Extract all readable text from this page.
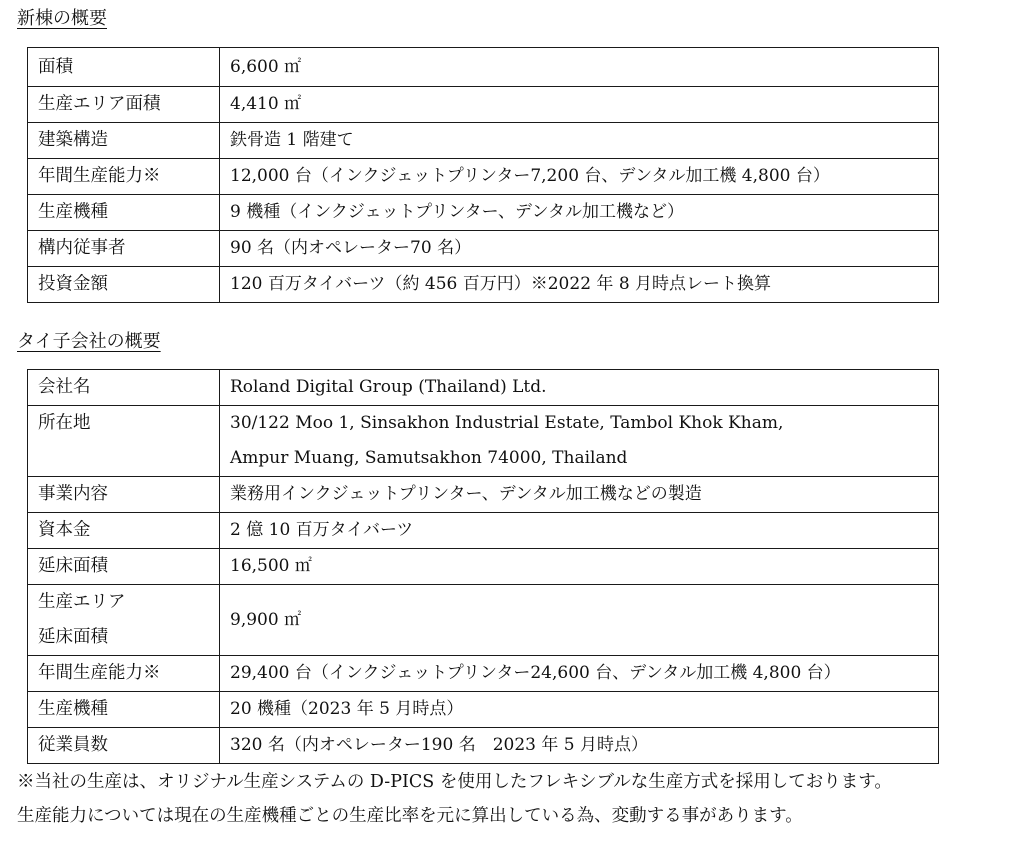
新棟の概要
面積	6,600 ㎡
生産エリア面積	4,410 ㎡
建築構造	鉄骨造 1 階建て
年間生産能力※	12,000 台（インクジェットプリンター7,200 台、デンタル加工機 4,800 台）
生産機種	9 機種（インクジェットプリンター、デンタル加工機など）
構内従事者	90 名（内オペレーター70 名）
投資金額	120 百万タイバーツ（約 456 百万円）※2022 年 8 月時点レート換算
タイ子会社の概要
会社名	Roland Digital Group (Thailand) Ltd.
所在地	30/122 Moo 1, Sinsakhon Industrial Estate, Tambol Khok Kham,
Ampur Muang, Samutsakhon 74000, Thailand

事業内容	業務用インクジェットプリンター、デンタル加工機などの製造
資本金	2 億 10 百万タイバーツ
延床面積	16,500 ㎡

生産エリア
延床面積	9,900 ㎡
年間生産能力※	29,400 台（インクジェットプリンター24,600 台、デンタル加工機 4,800 台）
生産機種	20 機種（2023 年 5 月時点）
従業員数	320 名（内オペレーター190 名　2023 年 5 月時点）
※当社の生産は、オリジナル生産システムの D-PICS を使用したフレキシブルな生産方式を採用しております。
生産能力については現在の生産機種ごとの生産比率を元に算出している為、変動する事があります。
